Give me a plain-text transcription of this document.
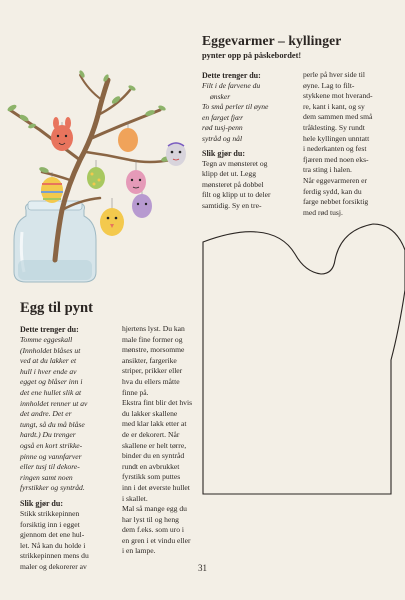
Eggevarmer – kyllinger
pynter opp på påskebordet!
Dette trenger du:
Filt i de farvene du
ønsker
To små perler til øyne
en farget fjær
rød tusj-penn
sytråd og nål
Slik gjør du:
Tegn av mønsteret og
klipp det ut. Legg
mønsteret på dobbel
filt og klipp ut to deler
samtidig. Sy en tre-
perle på hver side til
øyne. Lag to filt-
stykkene mot hverand-
re, kant i kant, og sy
dem sammen med små
tråklesting. Sy rundt
hele kyllingen unntatt
i nederkanten og fest
fjæren med noen eks-
tra sting i halen.
Når eggevarmeren er
ferdig sydd, kan du
farge nebbet forsiktig
med rød tusj.
Egg til pynt
Dette trenger du:
Tomme eggeskall
(Innholdet blåses ut
ved at du lakker et
hull i hver ende av
egget og blåser inn i
det ene hullet slik at
innholdet renner ut av
det andre. Det er
tungt, så du må blåse
hardt.) Du trenger
også en kort strikke-
pinne og vannfarver
eller tusj til dekore-
ringen samt noen
fyrstikker og syntråd.
Slik gjør du:
Stikk strikkepinnen
forsiktig inn i egget
gjennom det ene hul-
let. Nå kan du holde i
strikkepinnen mens du
maler og dekorerer av
hjertens lyst. Du kan
male fine former og
mønstre, morsomme
ansikter, fargerike
striper, prikker eller
hva du ellers måtte
finne på.
Ekstra fint blir det hvis
du lakker skallene
med klar lakk etter at
de er dekorert. Når
skallene er helt tørre,
binder du en syntråd
rundt en avbrukket
fyrstikk som puttes
inn i det øverste hullet
i skallet.
Mal så mange egg du
har lyst til og heng
dem f.eks. som uro i
en gren i et vindu eller
i en lampe.
31
